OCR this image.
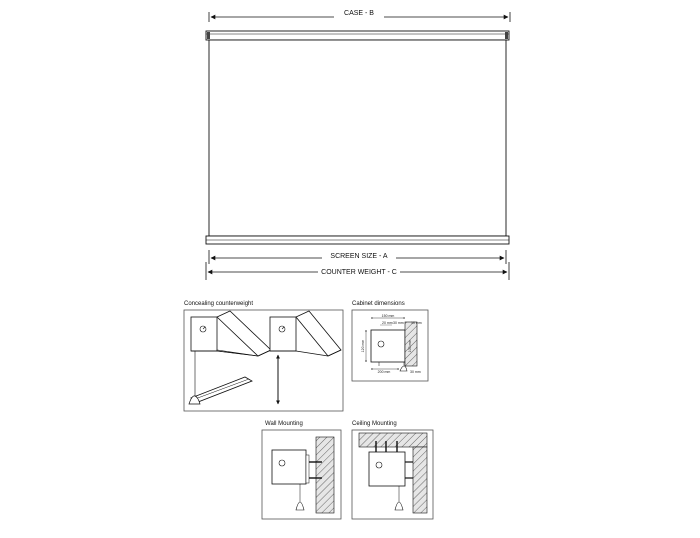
CASE - B
SCREEN SIZE - A
COUNTER WEIGHT - C
Concealing counterweight	Cabinet dimensions
150 mm
20 mm 30 mm 10 mm
120 mm	100 mm
200 mm	30 mm
Wall Mounting	Ceiling Mounting
